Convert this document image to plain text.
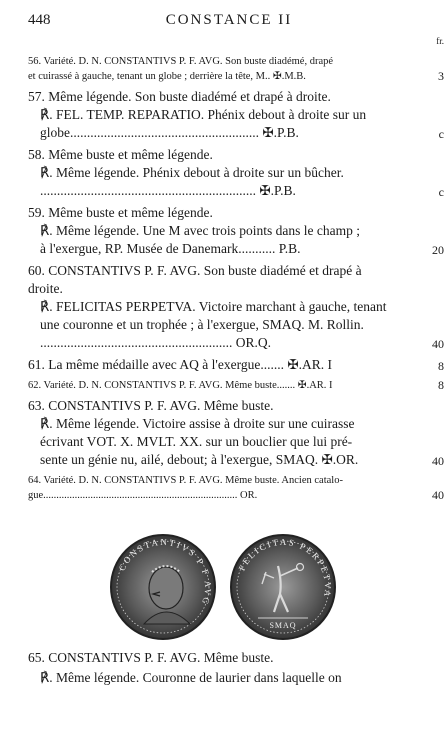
448	CONSTANCE II
fr.
56. Variété. D. N. CONSTANTIVS P. F. AVG. Son buste diadémé, drapé
et cuirassé à gauche, tenant un globe ; derrière la tête, M.. ✠.M.B.	3
57. Même légende. Son buste diadémé et drapé à droite.
℟. FEL. TEMP. REPARATIO. Phénix debout à droite sur un
globe........................................................ ✠.P.B.	c
58. Même buste et même légende.
℟. Même légende. Phénix debout à droite sur un bûcher.
................................................................ ✠.P.B.	c
59. Même buste et même légende.
℟. Même légende. Une M avec trois points dans le champ ;
à l'exergue, RP. Musée de Danemark........... P.B.	20
60. CONSTANTIVS P. F. AVG. Son buste diadémé et drapé à
droite.
℟. FELICITAS PERPETVA. Victoire marchant à gauche, tenant
une couronne et un trophée ; à l'exergue, SMAQ. M. Rollin.
......................................................... OR.Q.	40
61. La même médaille avec AQ à l'exergue....... ✠.AR. I	8
62. Variété. D. N. CONSTANTIVS P. F. AVG. Même buste....... ✠.AR. I	8
63. CONSTANTIVS P. F. AVG. Même buste.
℟. Même légende. Victoire assise à droite sur une cuirasse
écrivant VOT. X. MVLT. XX. sur un bouclier que lui pré-
sente un génie nu, ailé, debout; à l'exergue, SMAQ. ✠.OR.	40
64. Variété. D. N. CONSTANTIVS P. F. AVG. Même buste. Ancien catalo-
gue.......................................................................... OR.	40
CONSTANTIVS P F AVG
FELICITAS PERPETVA
SMAQ
65. CONSTANTIVS P. F. AVG. Même buste.
℟. Même légende. Couronne de laurier dans laquelle on
